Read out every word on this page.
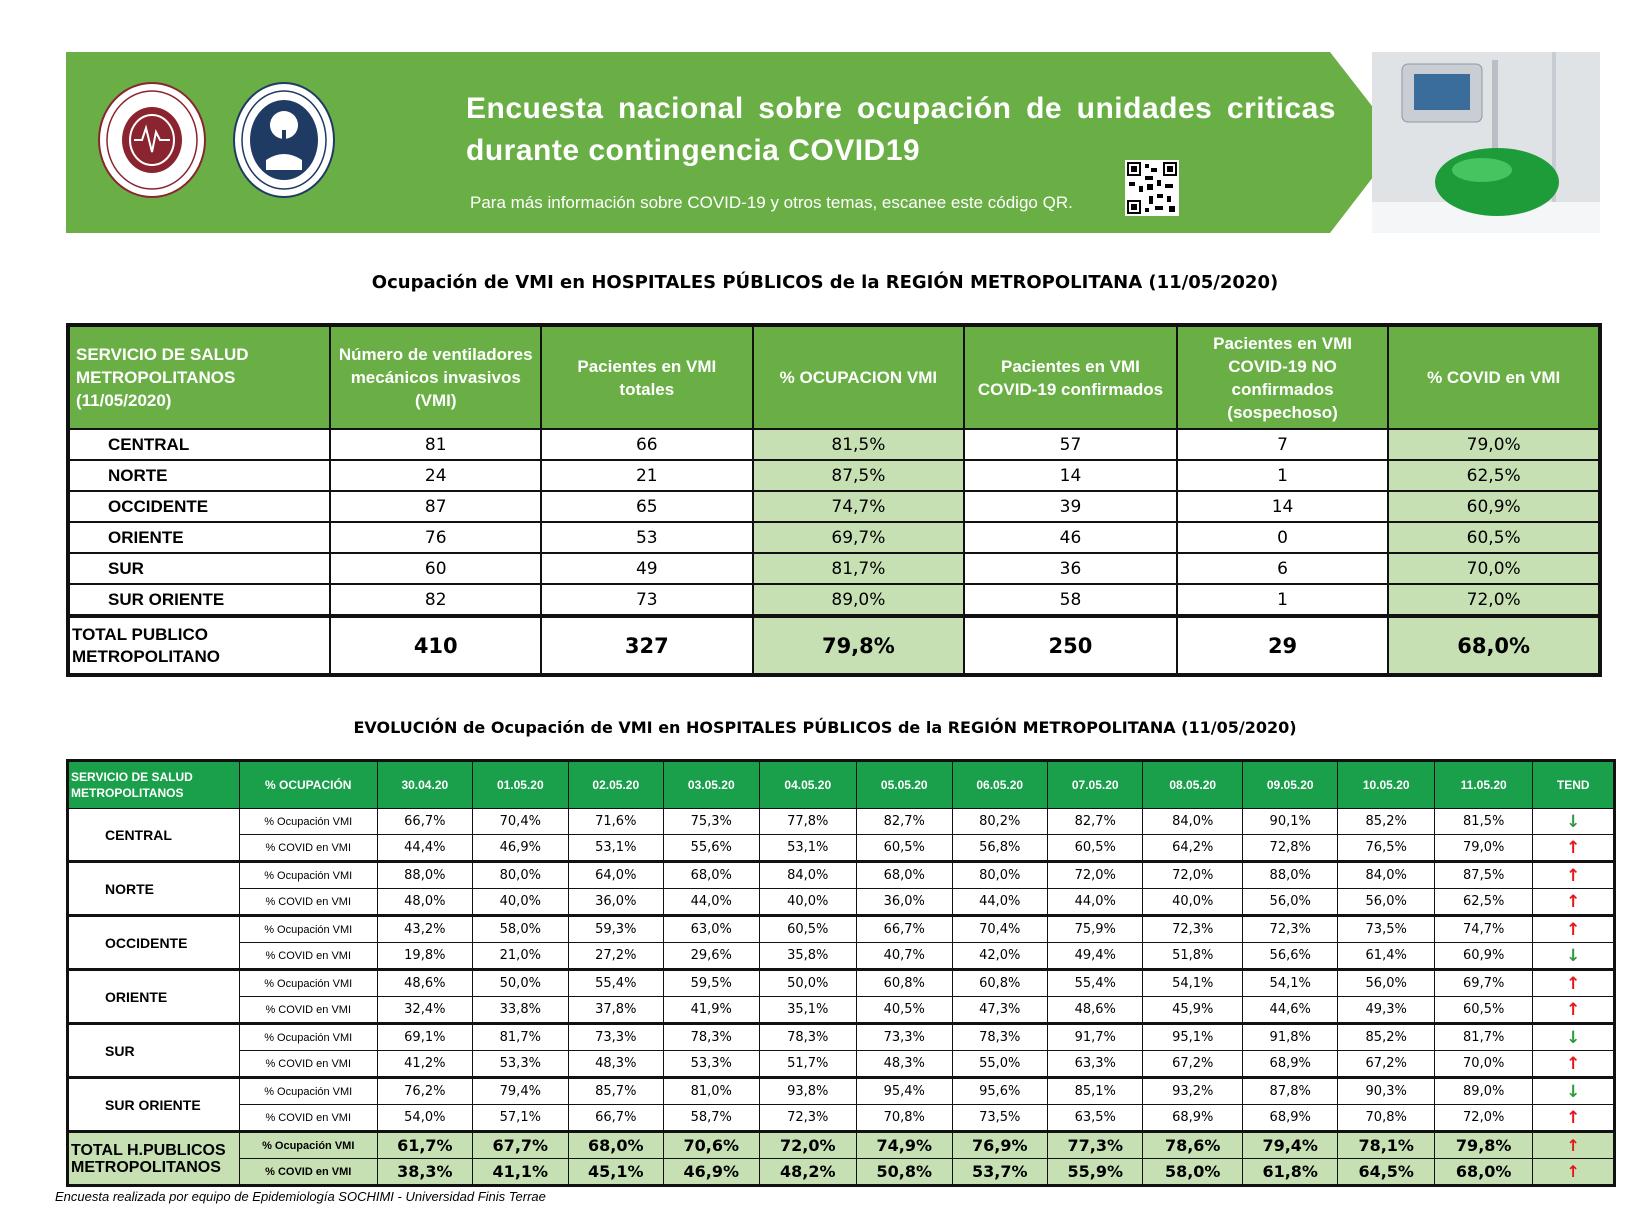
Encuesta nacional sobre ocupación de unidades criticas durante contingencia COVID19
Para más información sobre COVID-19 y otros temas, escanee este código QR.
Ocupación de VMI en HOSPITALES PÚBLICOS de la REGIÓN METROPOLITANA (11/05/2020)
SERVICIO DE SALUD METROPOLITANOS (11/05/2020)	Número de ventiladores mecánicos invasivos (VMI)	Pacientes en VMI totales	% OCUPACION VMI	Pacientes en VMI COVID-19 confirmados	Pacientes en VMI COVID-19 NO confirmados (sospechoso)	% COVID en VMI
CENTRAL	81	66	81,5%	57	7	79,0%
NORTE	24	21	87,5%	14	1	62,5%
OCCIDENTE	87	65	74,7%	39	14	60,9%
ORIENTE	76	53	69,7%	46	0	60,5%
SUR	60	49	81,7%	36	6	70,0%
SUR ORIENTE	82	73	89,0%	58	1	72,0%
TOTAL PUBLICO METROPOLITANO	410	327	79,8%	250	29	68,0%
EVOLUCIÓN de Ocupación de VMI en HOSPITALES PÚBLICOS de la REGIÓN METROPOLITANA (11/05/2020)
SERVICIO DE SALUD METROPOLITANOS	% OCUPACIÓN	30.04.20	01.05.20	02.05.20	03.05.20	04.05.20	05.05.20	06.05.20	07.05.20	08.05.20	09.05.20	10.05.20	11.05.20	TEND
CENTRAL	% Ocupación VMI	66,7%	70,4%	71,6%	75,3%	77,8%	82,7%	80,2%	82,7%	84,0%	90,1%	85,2%	81,5%	↓
	% COVID en VMI	44,4%	46,9%	53,1%	55,6%	53,1%	60,5%	56,8%	60,5%	64,2%	72,8%	76,5%	79,0%	↑
NORTE	% Ocupación VMI	88,0%	80,0%	64,0%	68,0%	84,0%	68,0%	80,0%	72,0%	72,0%	88,0%	84,0%	87,5%	↑
	% COVID en VMI	48,0%	40,0%	36,0%	44,0%	40,0%	36,0%	44,0%	44,0%	40,0%	56,0%	56,0%	62,5%	↑
OCCIDENTE	% Ocupación VMI	43,2%	58,0%	59,3%	63,0%	60,5%	66,7%	70,4%	75,9%	72,3%	72,3%	73,5%	74,7%	↑
	% COVID en VMI	19,8%	21,0%	27,2%	29,6%	35,8%	40,7%	42,0%	49,4%	51,8%	56,6%	61,4%	60,9%	↓
ORIENTE	% Ocupación VMI	48,6%	50,0%	55,4%	59,5%	50,0%	60,8%	60,8%	55,4%	54,1%	54,1%	56,0%	69,7%	↑
	% COVID en VMI	32,4%	33,8%	37,8%	41,9%	35,1%	40,5%	47,3%	48,6%	45,9%	44,6%	49,3%	60,5%	↑
SUR	% Ocupación VMI	69,1%	81,7%	73,3%	78,3%	78,3%	73,3%	78,3%	91,7%	95,1%	91,8%	85,2%	81,7%	↓
	% COVID en VMI	41,2%	53,3%	48,3%	53,3%	51,7%	48,3%	55,0%	63,3%	67,2%	68,9%	67,2%	70,0%	↑
SUR ORIENTE	% Ocupación VMI	76,2%	79,4%	85,7%	81,0%	93,8%	95,4%	95,6%	85,1%	93,2%	87,8%	90,3%	89,0%	↓
	% COVID en VMI	54,0%	57,1%	66,7%	58,7%	72,3%	70,8%	73,5%	63,5%	68,9%	68,9%	70,8%	72,0%	↑
TOTAL H.PUBLICOS METROPOLITANOS	% Ocupación VMI	61,7%	67,7%	68,0%	70,6%	72,0%	74,9%	76,9%	77,3%	78,6%	79,4%	78,1%	79,8%	↑
	% COVID en VMI	38,3%	41,1%	45,1%	46,9%	48,2%	50,8%	53,7%	55,9%	58,0%	61,8%	64,5%	68,0%	↑
Encuesta realizada por equipo de Epidemiología SOCHIMI - Universidad Finis Terrae
